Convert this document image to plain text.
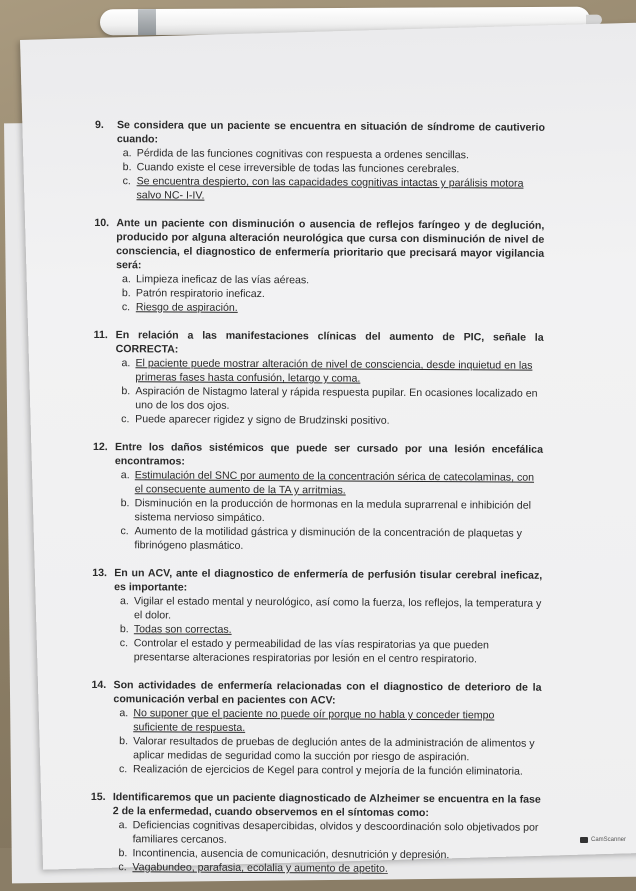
9.	Se considera que un paciente se encuentra en situación de síndrome de cautiverio cuando:
a. Pérdida de las funciones cognitivas con respuesta a ordenes sencillas.
b. Cuando existe el cese irreversible de todas las funciones cerebrales.
c. Se encuentra despierto, con las capacidades cognitivas intactas y parálisis motora salvo NC- I-IV.
10. Ante un paciente con disminución o ausencia de reflejos faríngeo y de deglución, producido por alguna alteración neurológica que cursa con disminución de nivel de consciencia, el diagnostico de enfermería prioritario que precisará mayor vigilancia será:
a. Limpieza ineficaz de las vías aéreas.
b. Patrón respiratorio ineficaz.
c. Riesgo de aspiración.
11. En relación a las manifestaciones clínicas del aumento de PIC, señale la CORRECTA:
a. El paciente puede mostrar alteración de nivel de consciencia, desde inquietud en las primeras fases hasta confusión, letargo y coma.
b. Aspiración de Nistagmo lateral y rápida respuesta pupilar. En ocasiones localizado en uno de los dos ojos.
c. Puede aparecer rigidez y signo de Brudzinski positivo.
12. Entre los daños sistémicos que puede ser cursado por una lesión encefálica encontramos:
a. Estimulación del SNC por aumento de la concentración sérica de catecolaminas, con el consecuente aumento de la TA y arritmias.
b. Disminución en la producción de hormonas en la medula suprarrenal e inhibición del sistema nervioso simpático.
c. Aumento de la motilidad gástrica y disminución de la concentración de plaquetas y fibrinógeno plasmático.
13. En un ACV, ante el diagnostico de enfermería de perfusión tisular cerebral ineficaz, es importante:
a. Vigilar el estado mental y neurológico, así como la fuerza, los reflejos, la temperatura y el dolor.
b. Todas son correctas.
c. Controlar el estado y permeabilidad de las vías respiratorias ya que pueden presentarse alteraciones respiratorias por lesión en el centro respiratorio.
14. Son actividades de enfermería relacionadas con el diagnostico de deterioro de la comunicación verbal en pacientes con ACV:
a. No suponer que el paciente no puede oír porque no habla y conceder tiempo suficiente de respuesta.
b. Valorar resultados de pruebas de deglución antes de la administración de alimentos y aplicar medidas de seguridad como la succión por riesgo de aspiración.
c. Realización de ejercicios de Kegel para control y mejoría de la función eliminatoria.
15. Identificaremos que un paciente diagnosticado de Alzheimer se encuentra en la fase 2 de la enfermedad, cuando observemos en el síntomas como:
a. Deficiencias cognitivas desapercibidas, olvidos y descoordinación solo objetivados por familiares cercanos.
b. Incontinencia, ausencia de comunicación, desnutrición y depresión.
c. Vagabundeo, parafasia, ecolalia y aumento de apetito.
CamScanner
